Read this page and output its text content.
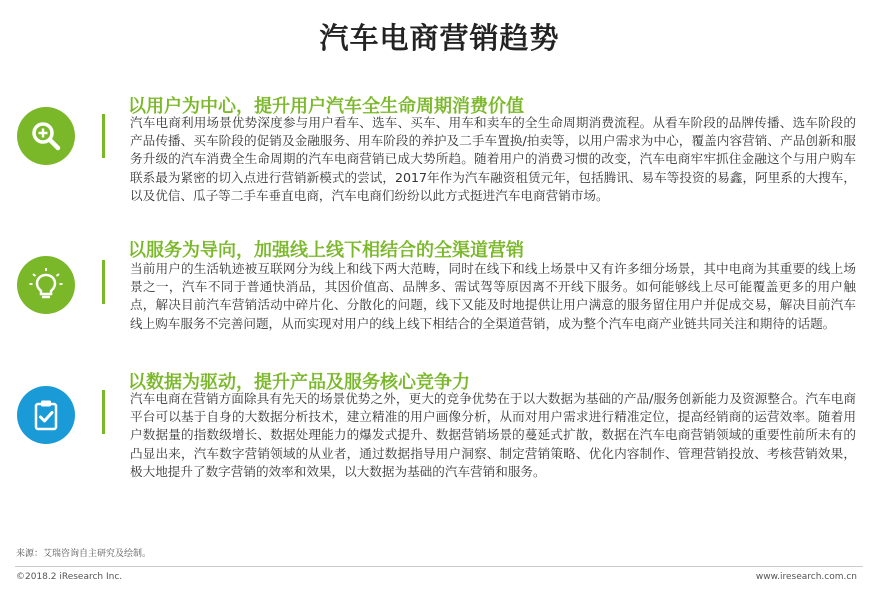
汽车电商营销趋势
以用户为中心，提升用户汽车全生命周期消费价值
汽车电商利用场景优势深度参与用户看车、选车、买车、用车和卖车的全生命周期消费流程。从看车阶段的品牌传播、选车阶段的产品传播、买车阶段的促销及金融服务、用车阶段的养护及二手车置换/拍卖等，以用户需求为中心，覆盖内容营销、产品创新和服务升级的汽车消费全生命周期的汽车电商营销已成大势所趋。随着用户的消费习惯的改变，汽车电商牢牢抓住金融这个与用户购车联系最为紧密的切入点进行营销新模式的尝试，2017年作为汽车融资租赁元年，包括腾讯、易车等投资的易鑫，阿里系的大搜车，以及优信、瓜子等二手车垂直电商，汽车电商们纷纷以此方式挺进汽车电商营销市场。
以服务为导向，加强线上线下相结合的全渠道营销
当前用户的生活轨迹被互联网分为线上和线下两大范畴，同时在线下和线上场景中又有许多细分场景，其中电商为其重要的线上场景之一，汽车不同于普通快消品，其因价值高、品牌多、需试驾等原因离不开线下服务。如何能够线上尽可能覆盖更多的用户触点，解决目前汽车营销活动中碎片化、分散化的问题，线下又能及时地提供让用户满意的服务留住用户并促成交易，解决目前汽车线上购车服务不完善问题，从而实现对用户的线上线下相结合的全渠道营销，成为整个汽车电商产业链共同关注和期待的话题。
以数据为驱动，提升产品及服务核心竞争力
汽车电商在营销方面除具有先天的场景优势之外，更大的竞争优势在于以大数据为基础的产品/服务创新能力及资源整合。汽车电商平台可以基于自身的大数据分析技术，建立精准的用户画像分析，从而对用户需求进行精准定位，提高经销商的运营效率。随着用户数据量的指数级增长、数据处理能力的爆发式提升、数据营销场景的蔓延式扩散，数据在汽车电商营销领域的重要性前所未有的凸显出来，汽车数字营销领域的从业者，通过数据指导用户洞察、制定营销策略、优化内容制作、管理营销投放、考核营销效果，极大地提升了数字营销的效率和效果，以大数据为基础的汽车营销和服务。
来源：艾瑞咨询自主研究及绘制。
©2018.2 iResearch Inc.	www.iresearch.com.cn
